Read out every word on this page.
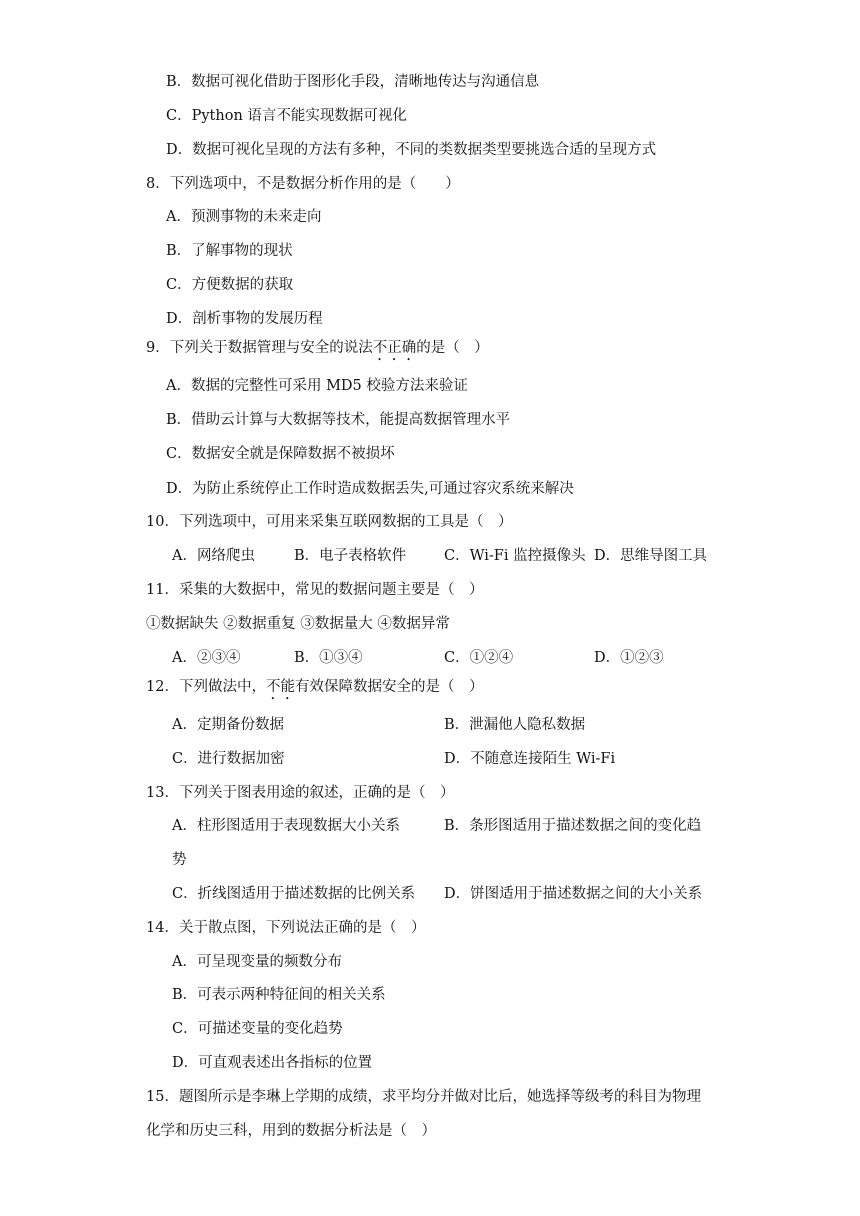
B．数据可视化借助于图形化手段，清晰地传达与沟通信息
C．Python 语言不能实现数据可视化
D．数据可视化呈现的方法有多种，不同的类数据类型要挑选合适的呈现方式
8．下列选项中，不是数据分析作用的是（　　）
A．预测事物的未来走向
B．了解事物的现状
C．方便数据的获取
D．剖析事物的发展历程
9．下列关于数据管理与安全的说法不正确的是（　）
A．数据的完整性可采用 MD5 校验方法来验证
B．借助云计算与大数据等技术，能提高数据管理水平
C．数据安全就是保障数据不被损坏
D．为防止系统停止工作时造成数据丢失,可通过容灾系统来解决
10．下列选项中，可用来采集互联网数据的工具是（　）
A．网络爬虫	B．电子表格软件	C．Wi-Fi 监控摄像头 D．思维导图工具
11．采集的大数据中，常见的数据问题主要是（　）
①数据缺失 ②数据重复 ③数据量大 ④数据异常
A．②③④	B．①③④	C．①②④	D．①②③
12．下列做法中，不能有效保障数据安全的是（　）
A．定期备份数据	B．泄漏他人隐私数据
C．进行数据加密	D．不随意连接陌生 Wi-Fi
13．下列关于图表用途的叙述，正确的是（　）
A．柱形图适用于表现数据大小关系	B．条形图适用于描述数据之间的变化趋
势
C．折线图适用于描述数据的比例关系 D．饼图适用于描述数据之间的大小关系
14．关于散点图，下列说法正确的是（　）
A．可呈现变量的频数分布
B．可表示两种特征间的相关关系
C．可描述变量的变化趋势
D．可直观表述出各指标的位置
15．题图所示是李琳上学期的成绩，求平均分并做对比后，她选择等级考的科目为物理
化学和历史三科，用到的数据分析法是（　）
